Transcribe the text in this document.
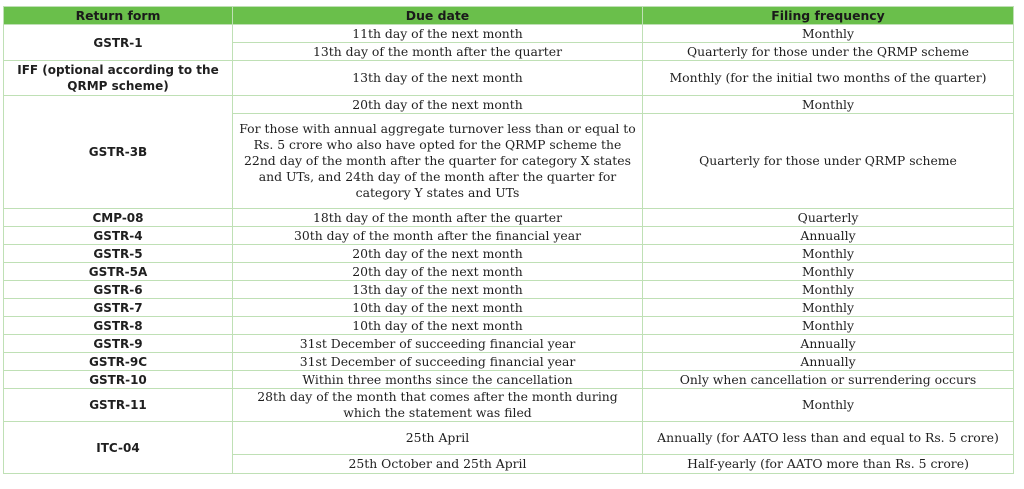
Return form	Due date	Filing frequency
GSTR-1	11th day of the next month	Monthly
	13th day of the month after the quarter	Quarterly for those under the QRMP scheme
IFF (optional according to the QRMP scheme)	13th day of the next month	Monthly (for the initial two months of the quarter)
GSTR-3B	20th day of the next month	Monthly
	For those with annual aggregate turnover less than or equal to Rs. 5 crore who also have opted for the QRMP scheme the 22nd day of the month after the quarter for category X states and UTs, and 24th day of the month after the quarter for category Y states and UTs	Quarterly for those under QRMP scheme
CMP-08	18th day of the month after the quarter	Quarterly
GSTR-4	30th day of the month after the financial year	Annually
GSTR-5	20th day of the next month	Monthly
GSTR-5A	20th day of the next month	Monthly
GSTR-6	13th day of the next month	Monthly
GSTR-7	10th day of the next month	Monthly
GSTR-8	10th day of the next month	Monthly
GSTR-9	31st December of succeeding financial year	Annually
GSTR-9C	31st December of succeeding financial year	Annually
GSTR-10	Within three months since the cancellation	Only when cancellation or surrendering occurs
GSTR-11	28th day of the month that comes after the month during which the statement was filed	Monthly
ITC-04	25th April	Annually (for AATO less than and equal to Rs. 5 crore)
	25th October and 25th April	Half-yearly (for AATO more than Rs. 5 crore)
